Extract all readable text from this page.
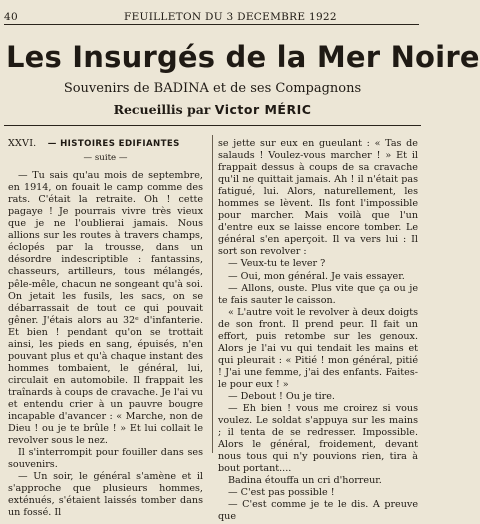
40	FEUILLETON DU 3 DECEMBRE 1922
Les Insurgés de la Mer Noire
Souvenirs de BADINA et de ses Compagnons
Recueillis par Victor MÉRIC
XXVI. — HISTOIRES EDIFIANTES
— suite —

— Tu sais qu'au mois de septembre, en 1914, on fouait le camp comme des rats. C'était la retraite. Oh ! cette pagaye ! Je pourrais vivre très vieux que je ne l'oublierai jamais. Nous allions sur les routes à travers champs, éclopés par la trousse, dans un désordre indescriptible : fantassins, chasseurs, artilleurs, tous mélangés, pêle-mêle, chacun ne songeant qu'à soi. On jetait les fusils, les sacs, on se débarrassait de tout ce qui pouvait gêner. J'étais alors au 32ᵉ d'infanterie. Et bien ! pendant qu'on se trottait ainsi, les pieds en sang, épuisés, n'en pouvant plus et qu'à chaque instant des hommes tombaient, le général, lui, circulait en automobile. Il frappait les traînards à coups de cravache. Je l'ai vu et entendu crier à un pauvre bougre incapable d'avancer : « Marche, non de Dieu ! ou je te brûle ! » Et lui collait le revolver sous le nez.

Il s'interrompit pour fouiller dans ses souvenirs.

— Un soir, le général s'amène et il s'approche que plusieurs hommes, exténués, s'étaient laissés tomber dans un fossé. Il

se jette sur eux en gueulant : « Tas de salauds ! Voulez-vous marcher ! » Et il frappait dessus à coups de sa cravache qu'il ne quittait jamais. Ah ! il n'était pas fatigué, lui. Alors, naturellement, les hommes se lèvent. Ils font l'impossible pour marcher. Mais voilà que l'un d'entre eux se laisse encore tomber. Le général s'en aperçoit. Il va vers lui : Il sort son revolver :

— Veux-tu te lever ?

— Oui, mon général. Je vais essayer.

— Allons, ouste. Plus vite que ça ou je te fais sauter le caisson.

« L'autre voit le revolver à deux doigts de son front. Il prend peur. Il fait un effort, puis retombe sur les genoux. Alors je l'ai vu qui tendait les mains et qui pleurait : « Pitié ! mon général, pitié ! J'ai une femme, j'ai des enfants. Faites-le pour eux ! »

— Debout ! Ou je tire.

— Eh bien ! vous me croirez si vous voulez. Le soldat s'appuya sur les mains ; il tenta de se redresser. Impossible. Alors le général, froidement, devant nous tous qui n'y pouvions rien, tira à bout portant....

Badina étouffa un cri d'horreur.

— C'est pas possible !

— C'est comme je te le dis. A preuve que
